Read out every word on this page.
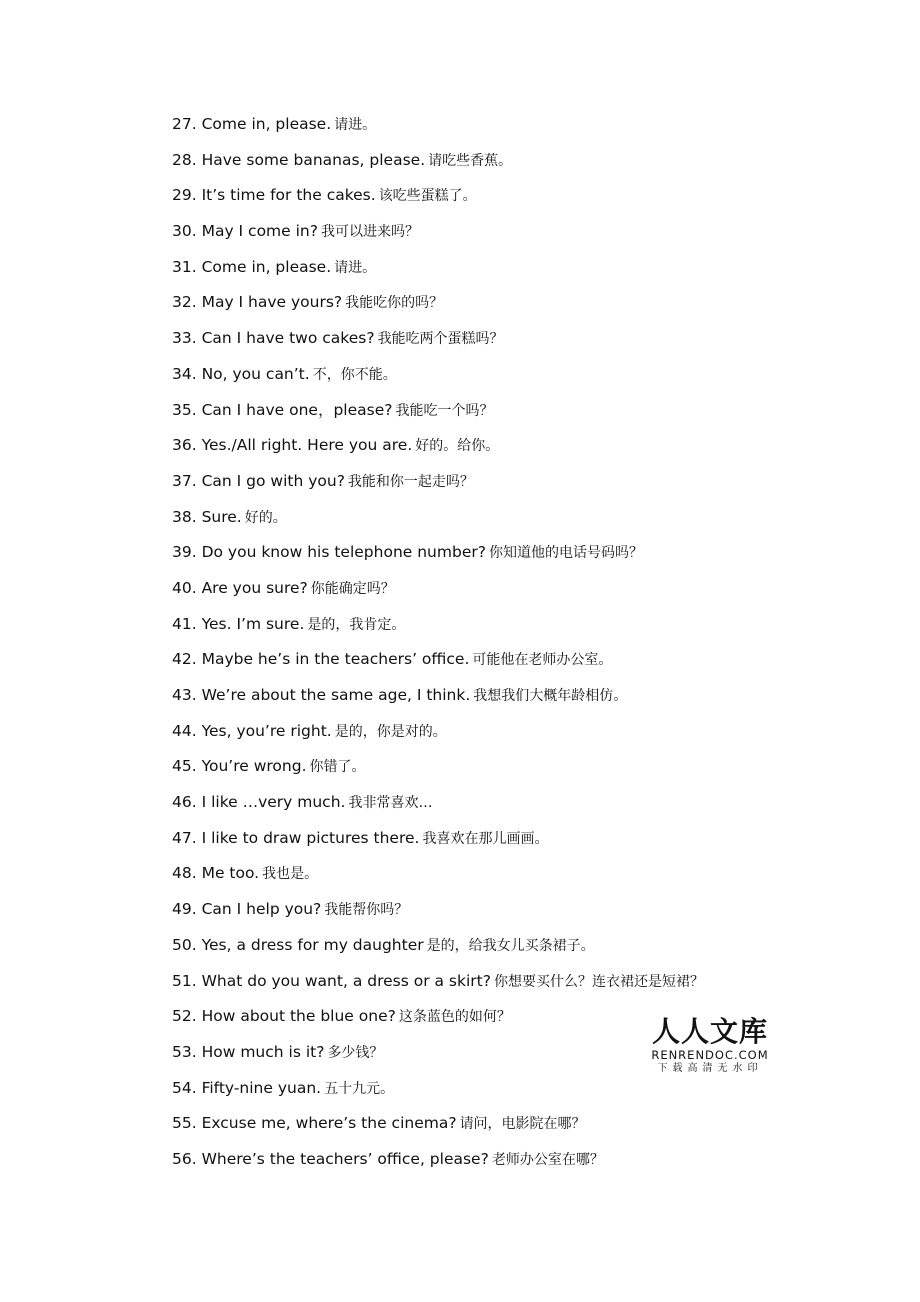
27. Come in, please. 请进。
28. Have some bananas, please. 请吃些香蕉。
29. It’s time for the cakes. 该吃些蛋糕了。
30. May I come in? 我可以进来吗？
31. Come in, please. 请进。
32. May I have yours? 我能吃你的吗？
33. Can I have two cakes? 我能吃两个蛋糕吗？
34. No, you can’t. 不，你不能。
35. Can I have one，please? 我能吃一个吗？
36. Yes./All right. Here you are. 好的。给你。
37. Can I go with you? 我能和你一起走吗？
38. Sure. 好的。
39. Do you know his telephone number? 你知道他的电话号码吗？
40. Are you sure? 你能确定吗？
41. Yes. I’m sure. 是的，我肯定。
42. Maybe he’s in the teachers’ office. 可能他在老师办公室。
43. We’re about the same age, I think. 我想我们大概年龄相仿。
44. Yes, you’re right. 是的，你是对的。
45. You’re wrong. 你错了。
46. I like …very much. 我非常喜欢…
47. I like to draw pictures there. 我喜欢在那儿画画。
48. Me too. 我也是。
49. Can I help you? 我能帮你吗？
50. Yes, a dress for my daughter 是的，给我女儿买条裙子。
51. What do you want, a dress or a skirt? 你想要买什么？连衣裙还是短裙？
52. How about the blue one? 这条蓝色的如何？
53. How much is it? 多少钱？
54. Fifty-nine yuan. 五十九元。
55. Excuse me, where’s the cinema? 请问，电影院在哪？
56. Where’s the teachers’ office, please? 老师办公室在哪？
人人文库
RENRENDOC.COM
下载高清无水印
